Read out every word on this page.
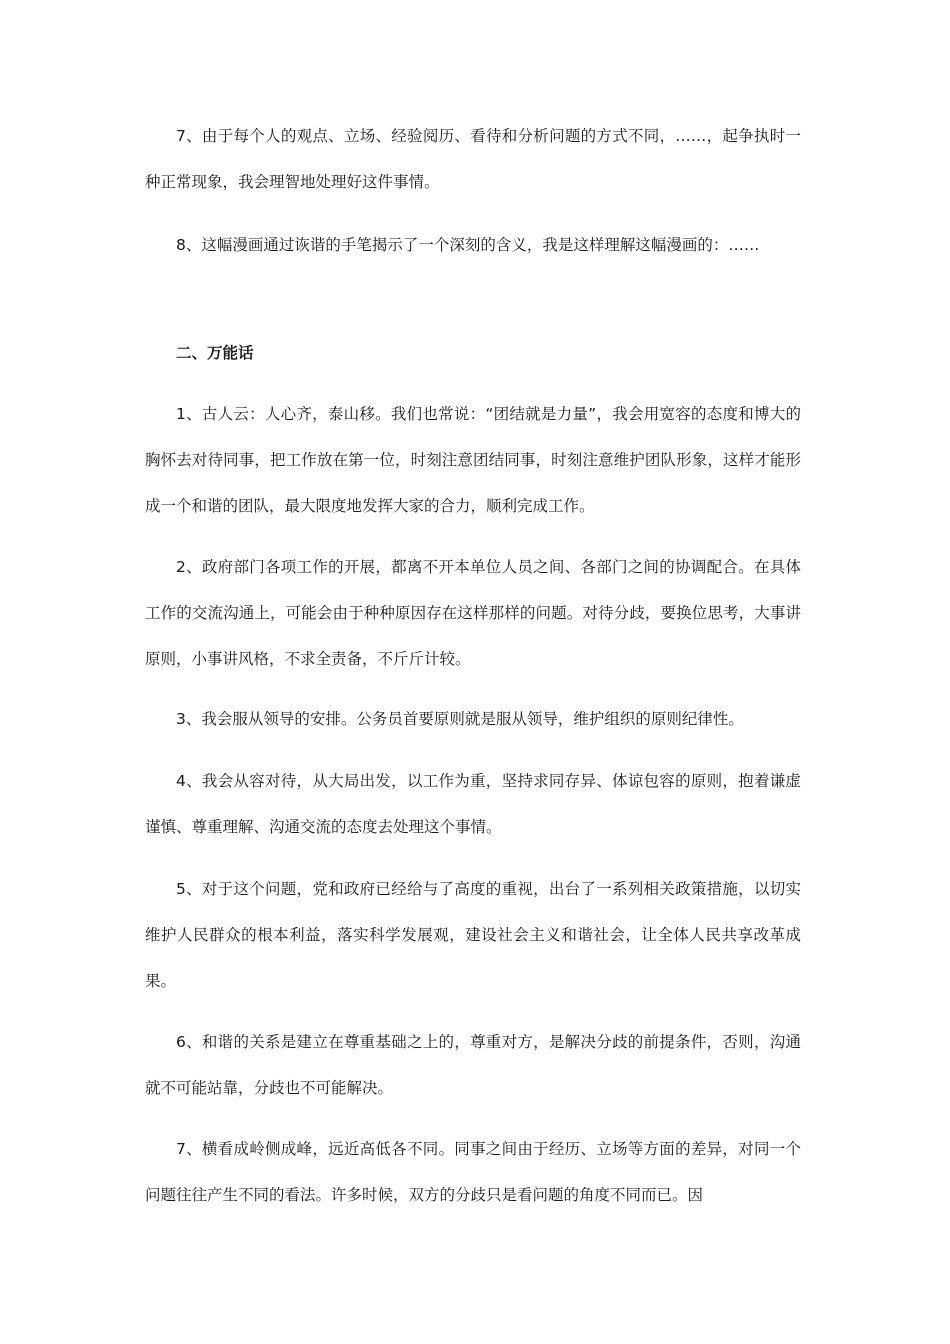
7、由于每个人的观点、立场、经验阅历、看待和分析问题的方式不同，……，起争执时一种正常现象，我会理智地处理好这件事情。

8、这幅漫画通过诙谐的手笔揭示了一个深刻的含义，我是这样理解这幅漫画的：……

二、万能话

1、古人云：人心齐，泰山移。我们也常说：“团结就是力量”，我会用宽容的态度和博大的胸怀去对待同事，把工作放在第一位，时刻注意团结同事，时刻注意维护团队形象，这样才能形成一个和谐的团队，最大限度地发挥大家的合力，顺利完成工作。

2、政府部门各项工作的开展，都离不开本单位人员之间、各部门之间的协调配合。在具体工作的交流沟通上，可能会由于种种原因存在这样那样的问题。对待分歧，要换位思考，大事讲原则，小事讲风格，不求全责备，不斤斤计较。

3、我会服从领导的安排。公务员首要原则就是服从领导，维护组织的原则纪律性。

4、我会从容对待，从大局出发，以工作为重，坚持求同存异、体谅包容的原则，抱着谦虚谨慎、尊重理解、沟通交流的态度去处理这个事情。

5、对于这个问题，党和政府已经给与了高度的重视，出台了一系列相关政策措施，以切实维护人民群众的根本利益，落实科学发展观，建设社会主义和谐社会，让全体人民共享改革成果。

6、和谐的关系是建立在尊重基础之上的，尊重对方，是解决分歧的前提条件，否则，沟通就不可能站靠，分歧也不可能解决。

7、横看成岭侧成峰，远近高低各不同。同事之间由于经历、立场等方面的差异，对同一个问题往往产生不同的看法。许多时候，双方的分歧只是看问题的角度不同而已。因
